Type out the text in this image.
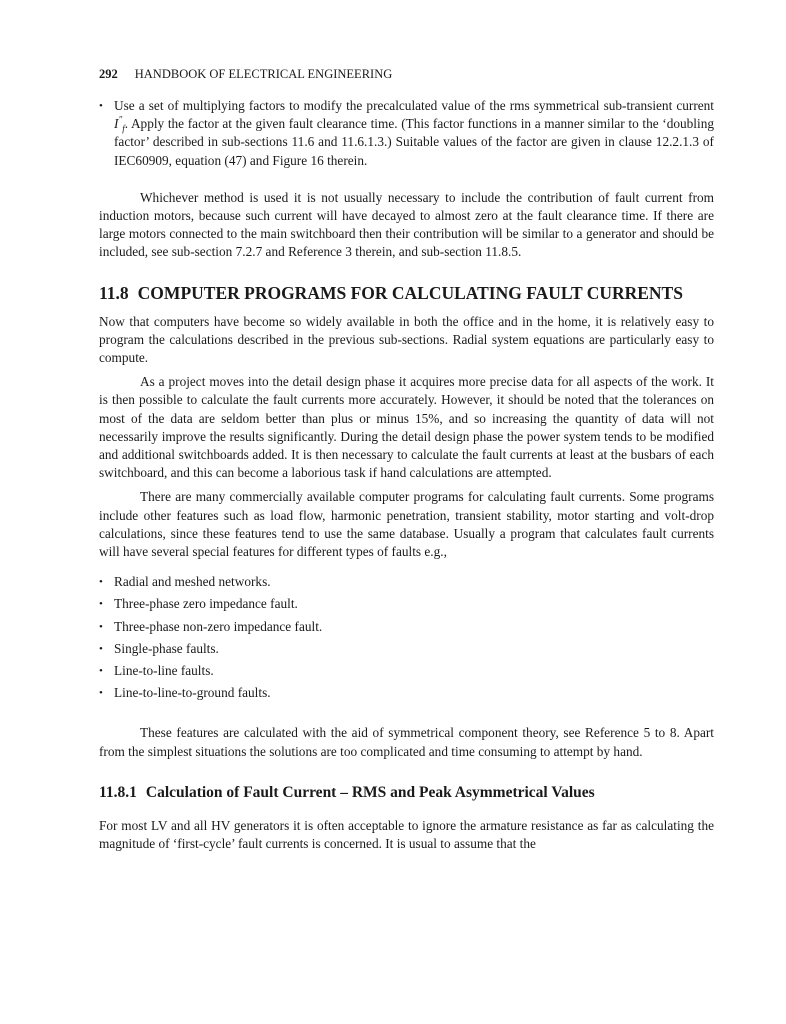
292 HANDBOOK OF ELECTRICAL ENGINEERING
• Use a set of multiplying factors to modify the precalculated value of the rms symmetrical sub-transient current $I''_f$. Apply the factor at the given fault clearance time. (This factor functions in a manner similar to the ‘doubling factor’ described in sub-sections 11.6 and 11.6.1.3.) Suitable values of the factor are given in clause 12.2.1.3 of IEC60909, equation (47) and Figure 16 therein.

Whichever method is used it is not usually necessary to include the contribution of fault current from induction motors, because such current will have decayed to almost zero at the fault clearance time. If there are large motors connected to the main switchboard then their contribution will be similar to a generator and should be included, see sub-section 7.2.7 and Reference 3 therein, and sub-section 11.8.5.

11.8 COMPUTER PROGRAMS FOR CALCULATING FAULT CURRENTS

Now that computers have become so widely available in both the office and in the home, it is relatively easy to program the calculations described in the previous sub-sections. Radial system equations are particularly easy to compute.

As a project moves into the detail design phase it acquires more precise data for all aspects of the work. It is then possible to calculate the fault currents more accurately. However, it should be noted that the tolerances on most of the data are seldom better than plus or minus 15%, and so increasing the quantity of data will not necessarily improve the results significantly. During the detail design phase the power system tends to be modified and additional switchboards added. It is then necessary to calculate the fault currents at least at the busbars of each switchboard, and this can become a laborious task if hand calculations are attempted.

There are many commercially available computer programs for calculating fault currents. Some programs include other features such as load flow, harmonic penetration, transient stability, motor starting and volt-drop calculations, since these features tend to use the same database. Usually a program that calculates fault currents will have several special features for different types of faults e.g.,

• Radial and meshed networks.
• Three-phase zero impedance fault.
• Three-phase non-zero impedance fault.
• Single-phase faults.
• Line-to-line faults.
• Line-to-line-to-ground faults.

These features are calculated with the aid of symmetrical component theory, see Reference 5 to 8. Apart from the simplest situations the solutions are too complicated and time consuming to attempt by hand.

11.8.1 Calculation of Fault Current – RMS and Peak Asymmetrical Values

For most LV and all HV generators it is often acceptable to ignore the armature resistance as far as calculating the magnitude of ‘first-cycle’ fault currents is concerned. It is usual to assume that the
